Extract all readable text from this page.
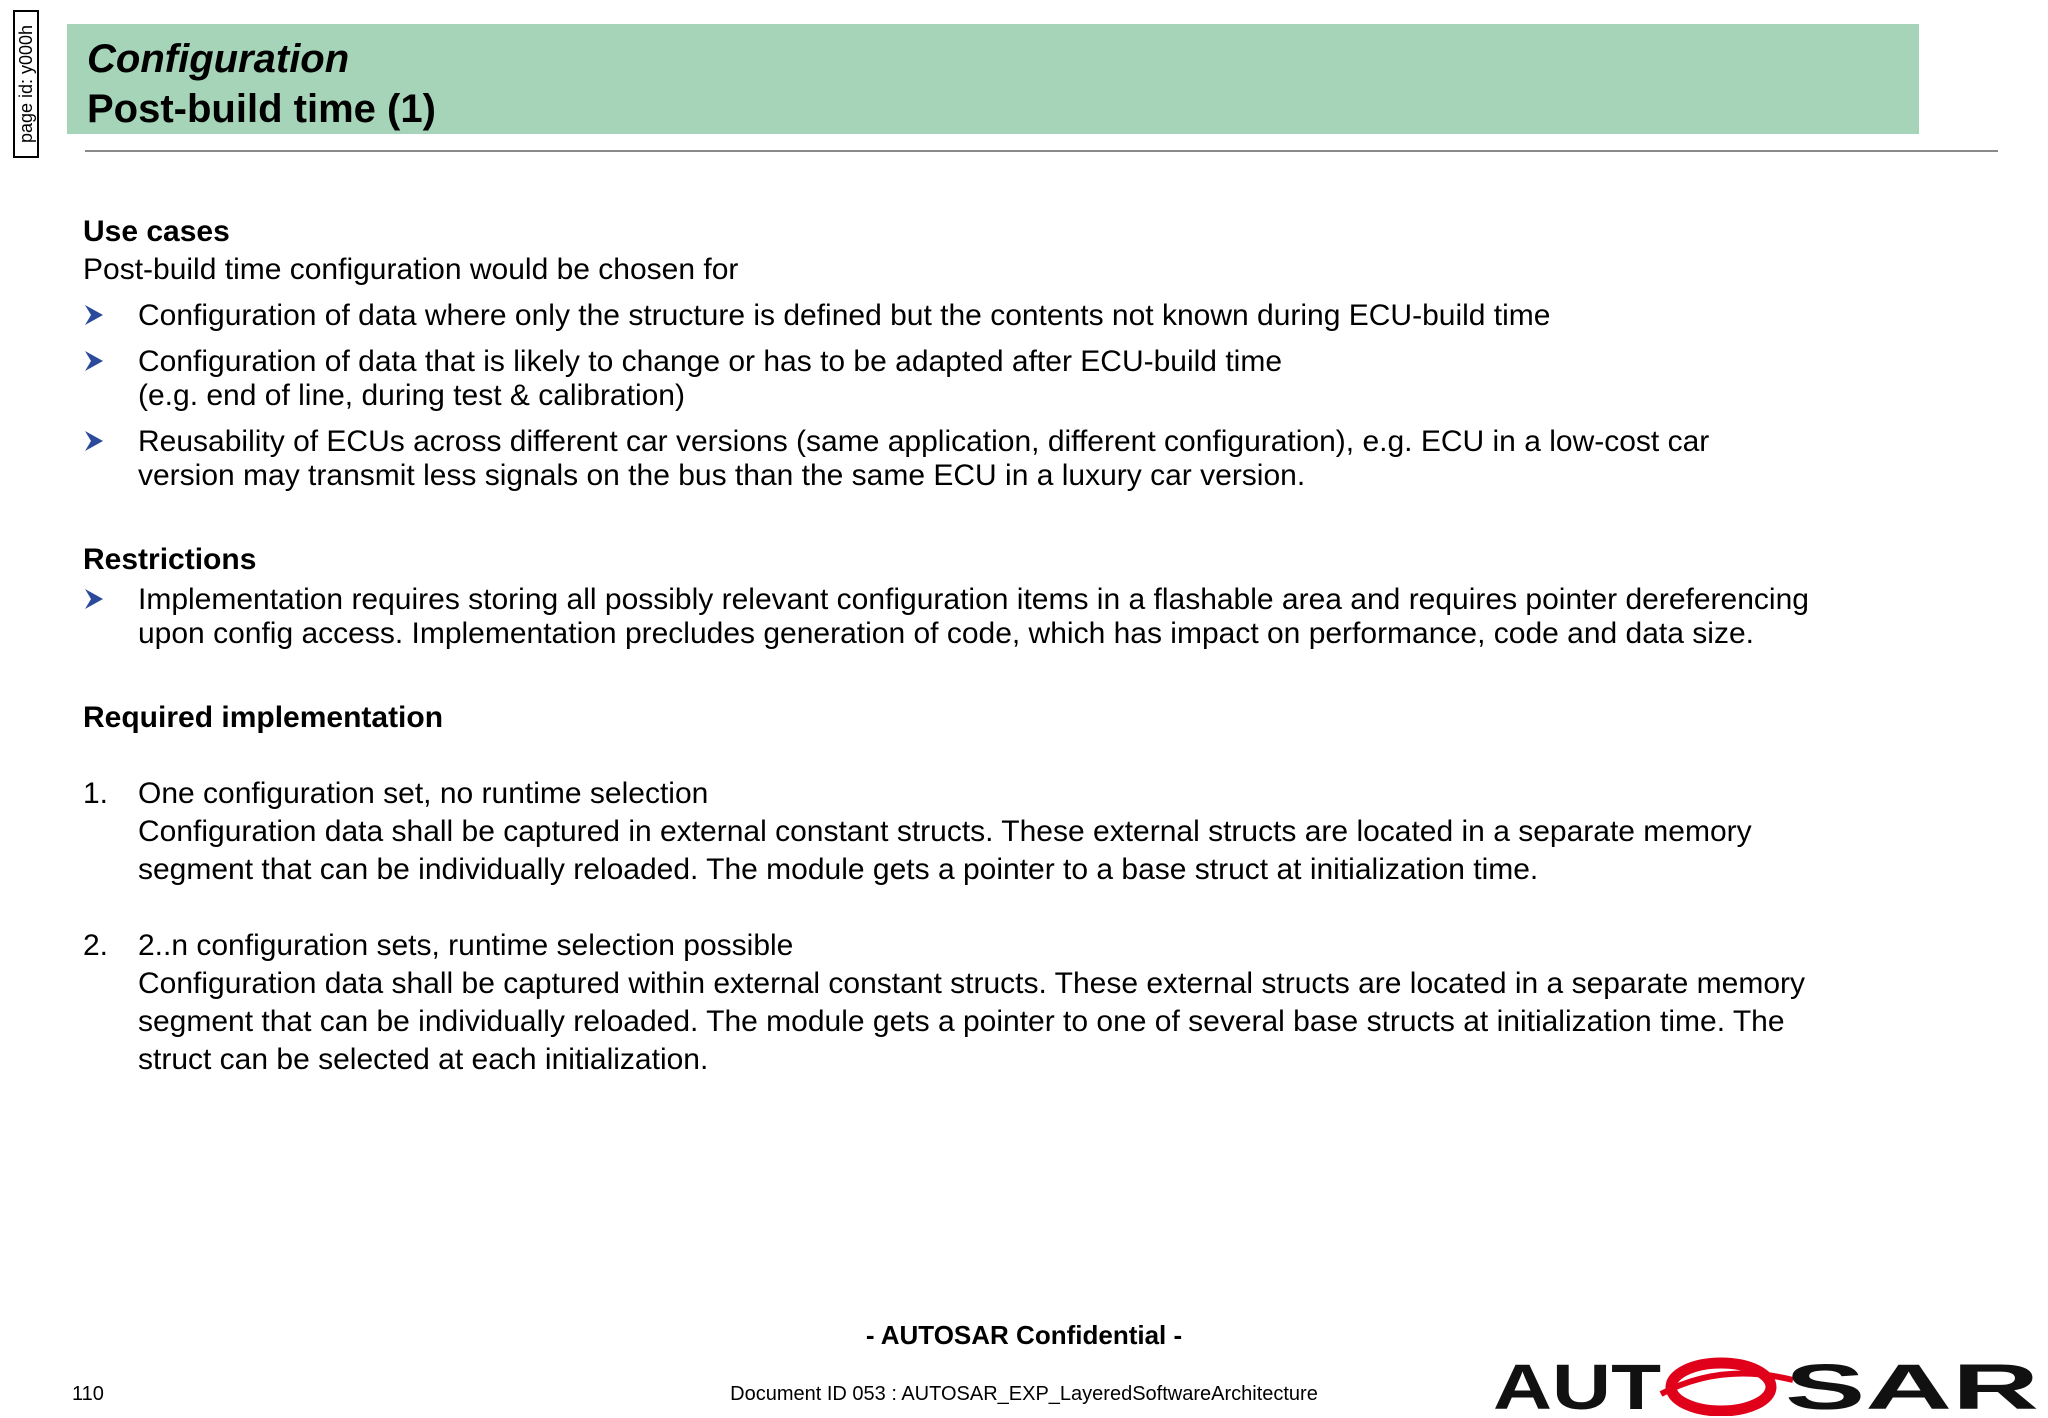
page id: y000h Configuration
Post-build time (1)
Use cases
Post-build time configuration would be chosen for
Configuration of data where only the structure is defined but the contents not known during ECU-build time
Configuration of data that is likely to change or has to be adapted after ECU-build time
(e.g. end of line, during test & calibration)
Reusability of ECUs across different car versions (same application, different configuration), e.g. ECU in a low-cost car
version may transmit less signals on the bus than the same ECU in a luxury car version.
Restrictions
Implementation requires storing all possibly relevant configuration items in a flashable area and requires pointer dereferencing
upon config access. Implementation precludes generation of code, which has impact on performance, code and data size.
Required implementation
1. One configuration set, no runtime selection
Configuration data shall be captured in external constant structs. These external structs are located in a separate memory
segment that can be individually reloaded. The module gets a pointer to a base struct at initialization time.
2. 2..n configuration sets, runtime selection possible
Configuration data shall be captured within external constant structs. These external structs are located in a separate memory
segment that can be individually reloaded. The module gets a pointer to one of several base structs at initialization time. The
struct can be selected at each initialization.
- AUTOSAR Confidential -
110	Document ID 053 : AUTOSAR_EXP_LayeredSoftwareArchitecture	AUT SAR
